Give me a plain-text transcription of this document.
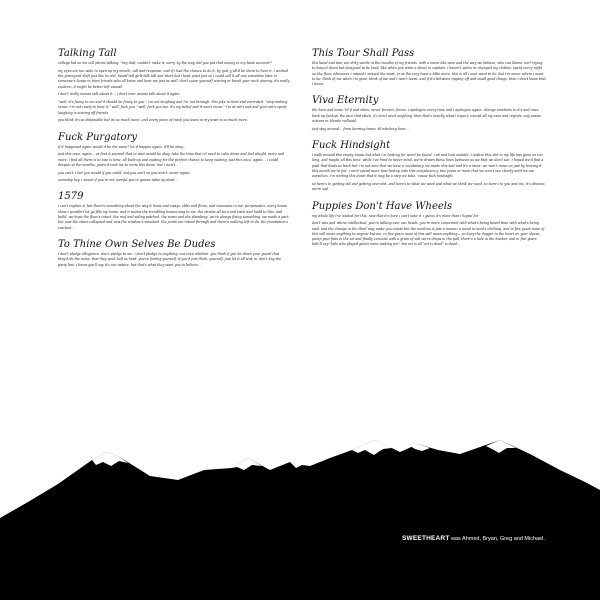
Talking Tall

college kid on his cell phone talking: "hey dad, couldn't make it, sorry. by the way, did you put that money in my bank account?"

my eyes are too wide to open up my mouth, call-and-response, and if i had the chance to do it, by god, y'all'd be there to hear it. i worked the graveyard shift just like he did, heard tall girls talk tall and short but i kept quiet just so i could sell it all one sometime later in someone's house in front friends who all knew and hear me just as well. don't scare yourself scaring or break your neck staring, it's really esoteric. it might be better left unsaid.

i don't really wanna talk about it… i don't ever wanna talk about it again.

"well, it's funny to me and it should be funny to you." i'm not laughing and i'm not through. this joke is tired and overrated. "stop making sense, i'm not ready to hear it." well, fuck you. "well, fuck you too. it's my belief and it won't move." i'm at wit's end and your wit's spent. laughing is scaring off friends.

you think it's so disposable but its so much more. and every piece of trash you leave in my town is so much more.

Fuck Purgatory

if it happened again would it be the same? let it happen again, it'll be okay…

just this once, again… at first it seemed that to wait would be okay. take the time that i'd need to calm down and feel alright. more and more, i find all there is to lose is time. all built-up and waiting for the perfect chance to keep waiting. just this once, again… i could despair at the months, years it took me to write this down. but i won't…

you can't. i bet you would if you could. but you can't so you won't. never again…

someday hey, i swear if you're not careful you're gonna wake up dead…

1579

i can't explain it, but there's something about the way it leans and sways, ebbs and flows, and resonates in me. perpetuates. every house show i wouldn't let go fills my home. and it seems the trembling beams sing to me. the strains all turn and twist and build to this. and build. we hope the floor's intact, the roof and siding patched. the wires and the plumbing, we're always fixing something. we made a pact. but now the stairs collapsed and now the window's smashed. the joints are rotted through and there's nothing left to do. the foundation's cracked…

To Thine Own Selves Be Dudes

i don't pledge allegiance. don't pledge to me. i don't pledge to anything, not even nihilism. you think if you let down your guard that they'd do the same, that they seek half as hard. you're fooling yourself. if you'd just think, yourself, just let it all sink in. don't buy the party line. i know you'll say it's our nature. but that's what they want you to believe…

This Tour Shall Pass

this band and tour are dirty words in the mouths of my friends. with a name like ours and the way we behave, who can blame 'em? trying to keep it down but designed to be loud; like when you write a shout in capitals. i haven't eaten or changed my clothes. spent every night on the floor. whenever i missed i missed the most, or at the very least a little more. this is all i ever want to do. but i'm never where i want to be. think of me when i'm gone. think of me and i won't leave. and if it's between ripping off and small good things, then i don't know that i know.

Viva Eternity

the hero and noise 'til if and when, never forever, forces. i apologize every time and i apologize again. change emotions to it's and ones. back up fuckup, the face that stuck. if i don't need anything, then that's exactly what i expect. except all my exes and regrets, any aussie actress or blonde redhead.

just stay around… from burning times 'til witching hour…

Fuck Hindsight

i walk around this empty house but what i'm looking for won't be found. i sit and look outside. i realize this shit in my life has gone on too long, and maybe all this time, while i've tried to never mind, we're drawn these lines between us we that we don't see. i hoped we'd find a path that leads us back but i'm not sure that we have a vocabulary. we made this bed and it's a mess. we won't move on just by leaving it. this month we're fed. i can't spend more time hiding onto this complacency. two years or more that we won't see clearly until we see ourselves. i'm writing this down that it may be a step we take, 'cause fuck hindsight.

so here's to getting old and getting over shit. and here's to what we want and what we think we need. so here's to you and me, it's obvious we're sad.

Puppies Don't Have Wheels

my whole life i've waited for this, now that it's here i can't take it. i guess it's more than i hoped for.

don't wax and whine intellectual, you're talking over our heads, you're more concerned with what's being heard than with what's being said. and the change in the third may make you emote but the medium is just a means: a wand in nerd's clothing. and in five years none of this will mean anything to anyone but me. in five years none of this will mean anything— so bury the dagger in the heart on your sleeve, pump your fists in the air and finally concede with a grain of salt we're drops in the pail, there's a hole in the bucket, and in five years kids'll say "kids who played guitar were making art," but art is all "art is dead" is dead…

SWEETHEART was Ahmed, Bryan, Greg and Michael.
